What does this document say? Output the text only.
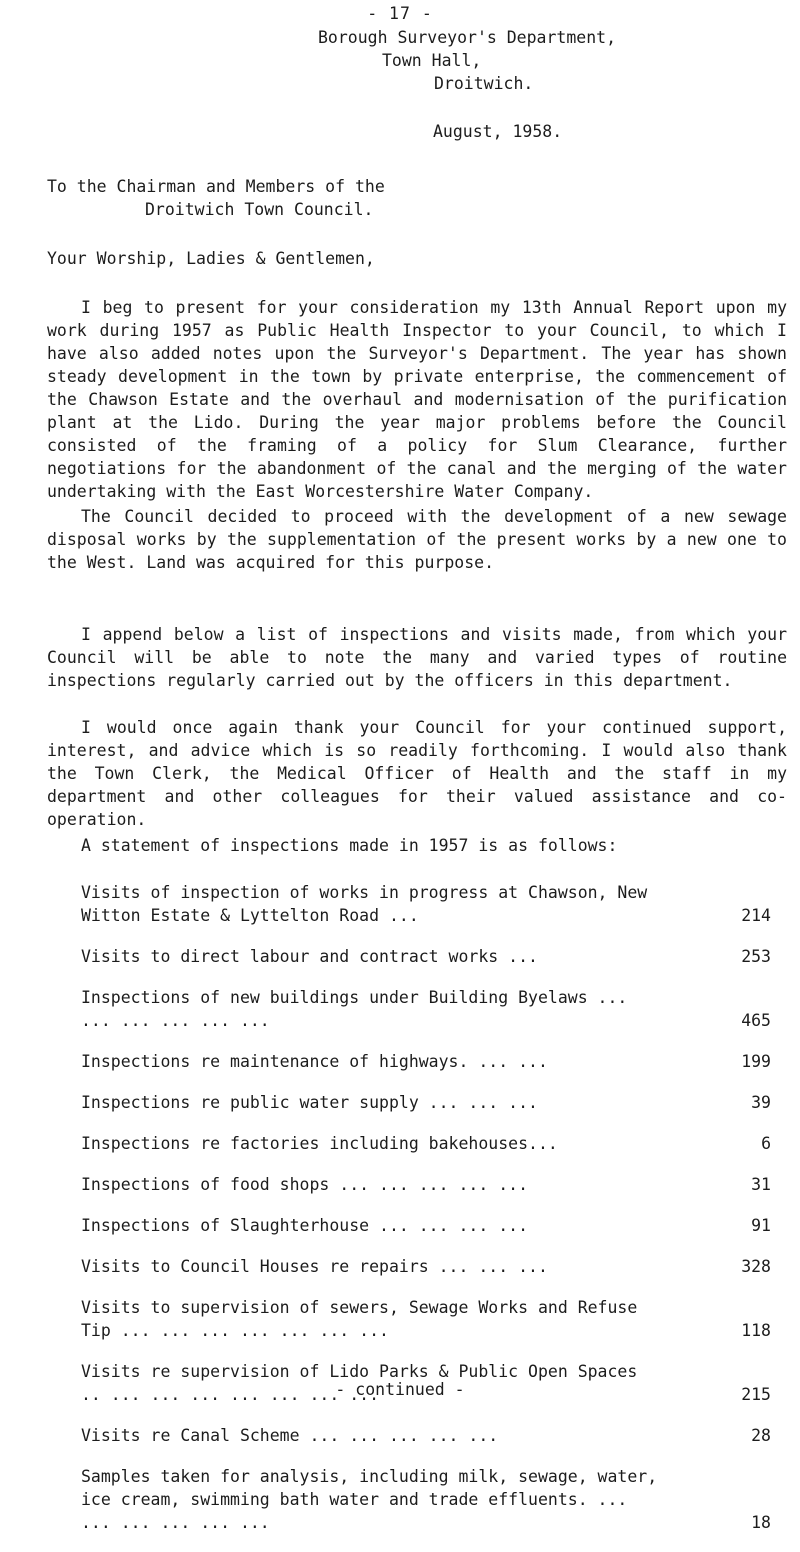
- 17 -
Borough Surveyor's Department,
Town Hall,
Droitwich.
August, 1958.
To the Chairman and Members of the
Droitwich Town Council.
Your Worship, Ladies & Gentlemen,

I beg to present for your consideration my 13th Annual Report upon my work during 1957 as Public Health Inspector to your Council, to which I have also added notes upon the Surveyor's Department. The year has shown steady development in the town by private enterprise, the commencement of the Chawson Estate and the overhaul and modernisation of the purification plant at the Lido. During the year major problems before the Council consisted of the framing of a policy for Slum Clearance, further negotiations for the abandonment of the canal and the merging of the water undertaking with the East Worcestershire Water Company.

The Council decided to proceed with the development of a new sewage disposal works by the supplementation of the present works by a new one to the West. Land was acquired for this purpose.

I append below a list of inspections and visits made, from which your Council will be able to note the many and varied types of routine inspections regularly carried out by the officers in this department.

I would once again thank your Council for your continued support, interest, and advice which is so readily forthcoming. I would also thank the Town Clerk, the Medical Officer of Health and the staff in my department and other colleagues for their valued assistance and co-operation.

A statement of inspections made in 1957 is as follows:
Visits of inspection of works in progress at Chawson, New Witton Estate & Lyttelton Road ...	214
Visits to direct labour and contract works ...	253
Inspections of new buildings under Building Byelaws ... ... ... ... ... ...	465
Inspections re maintenance of highways. ... ...	199
Inspections re public water supply ... ... ...	39
Inspections re factories including bakehouses...	6
Inspections of food shops ... ... ... ... ...	31
Inspections of Slaughterhouse ... ... ... ...	91
Visits to Council Houses re repairs ... ... ...	328
Visits to supervision of sewers, Sewage Works and Refuse Tip ... ... ... ... ... ... ...	118
Visits re supervision of Lido Parks & Public Open Spaces .. ... ... ... ... ... ... ...	215
Visits re Canal Scheme ... ... ... ... ...	28
Samples taken for analysis, including milk, sewage, water, ice cream, swimming bath water and trade effluents. ... ... ... ... ... ...	18
- continued -
